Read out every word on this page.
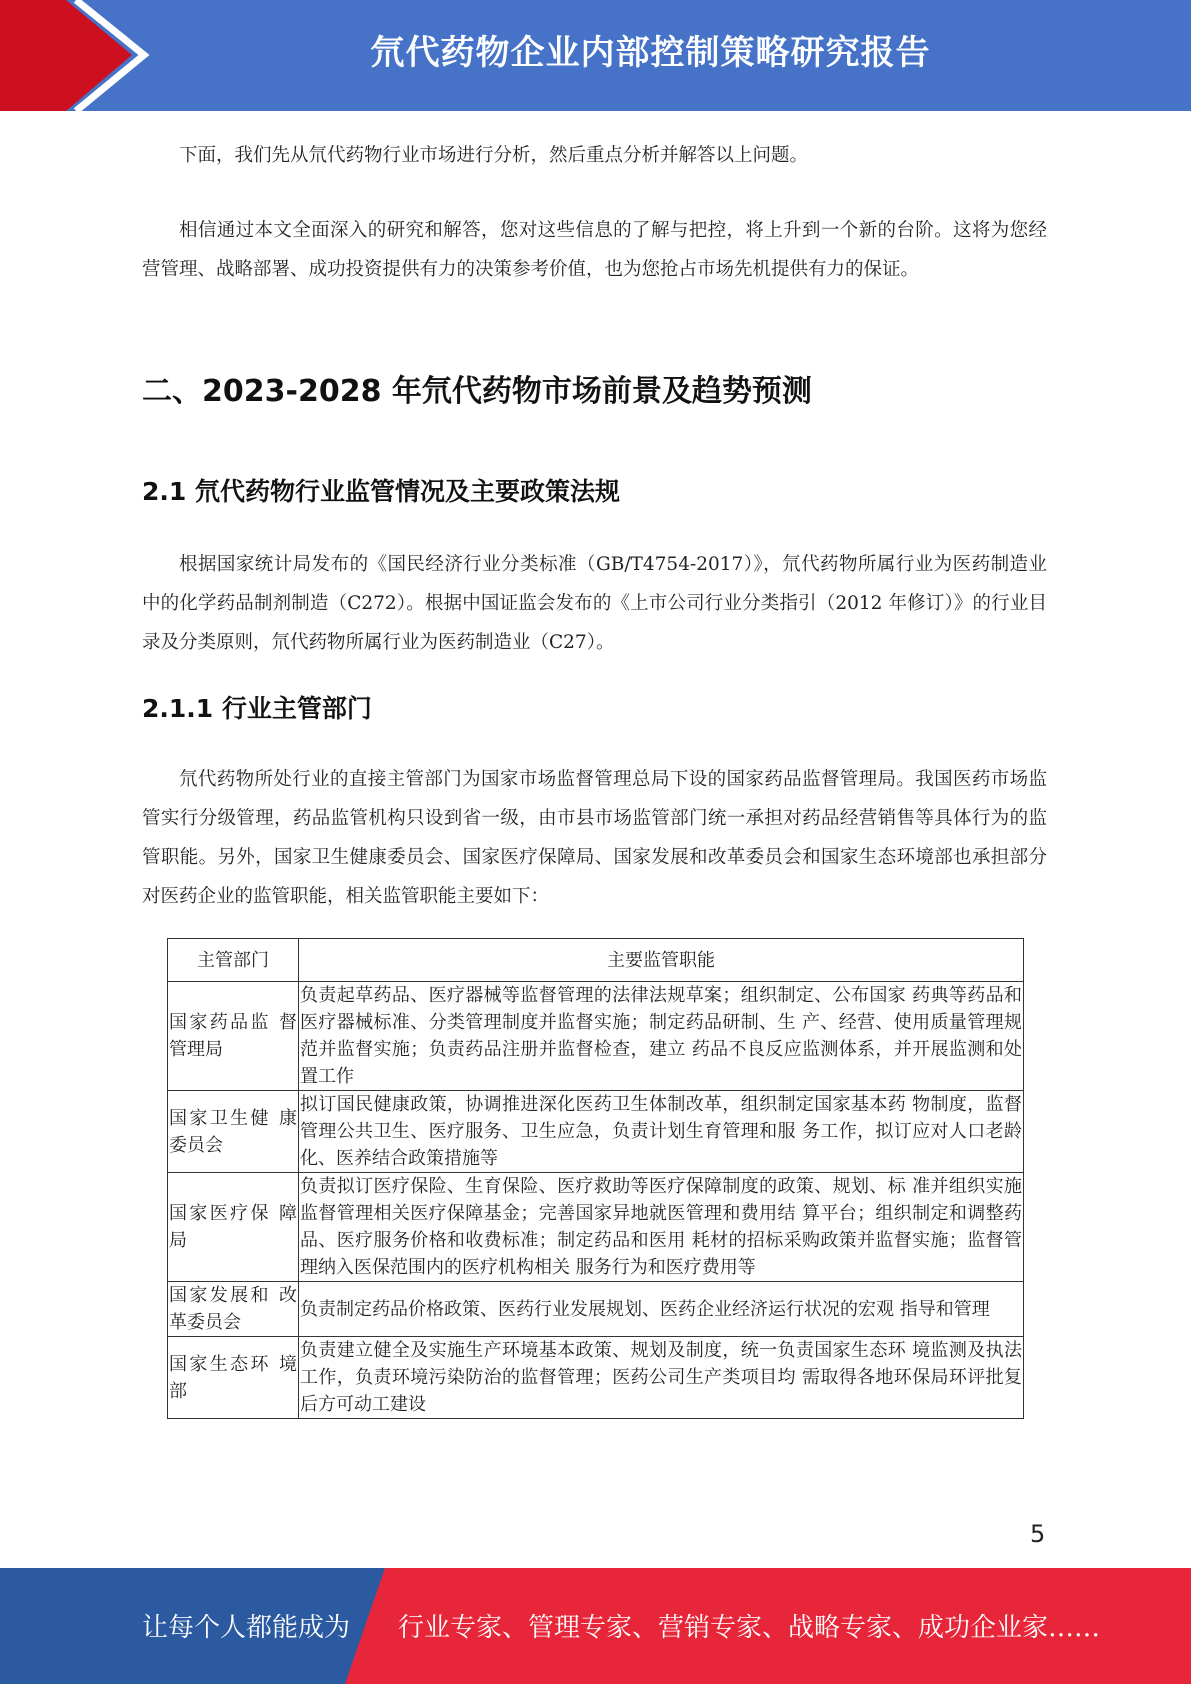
氘代药物企业内部控制策略研究报告

下面，我们先从氘代药物行业市场进行分析，然后重点分析并解答以上问题。

相信通过本文全面深入的研究和解答，您对这些信息的了解与把控，将上升到一个新的台阶。这将为您经营管理、战略部署、成功投资提供有力的决策参考价值，也为您抢占市场先机提供有力的保证。

二、2023-2028 年氘代药物市场前景及趋势预测
2.1 氘代药物行业监管情况及主要政策法规

根据国家统计局发布的《国民经济行业分类标准（GB/T4754-2017）》，氘代药物所属行业为医药制造业中的化学药品制剂制造（C272）。根据中国证监会发布的《上市公司行业分类指引（2012 年修订）》的行业目录及分类原则，氘代药物所属行业为医药制造业（C27）。

2.1.1 行业主管部门

氘代药物所处行业的直接主管部门为国家市场监督管理总局下设的国家药品监督管理局。我国医药市场监管实行分级管理，药品监管机构只设到省一级，由市县市场监管部门统一承担对药品经营销售等具体行为的监管职能。另外，国家卫生健康委员会、国家医疗保障局、国家发展和改革委员会和国家生态环境部也承担部分对医药企业的监管职能，相关监管职能主要如下：

主管部门	主要监管职能
国家药品监 督管理局	负责起草药品、医疗器械等监督管理的法律法规草案；组织制定、公布国家 药典等药品和医疗器械标准、分类管理制度并监督实施；制定药品研制、生 产、经营、使用质量管理规范并监督实施；负责药品注册并监督检查，建立 药品不良反应监测体系，并开展监测和处置工作
国家卫生健 康委员会	拟订国民健康政策，协调推进深化医药卫生体制改革，组织制定国家基本药 物制度，监督管理公共卫生、医疗服务、卫生应急，负责计划生育管理和服 务工作，拟订应对人口老龄化、医养结合政策措施等
国家医疗保 障局	负责拟订医疗保险、生育保险、医疗救助等医疗保障制度的政策、规划、标 准并组织实施监督管理相关医疗保障基金；完善国家异地就医管理和费用结 算平台；组织制定和调整药品、医疗服务价格和收费标准；制定药品和医用 耗材的招标采购政策并监督实施；监督管理纳入医保范围内的医疗机构相关 服务行为和医疗费用等
国家发展和 改革委员会	负责制定药品价格政策、医药行业发展规划、医药企业经济运行状况的宏观 指导和管理
国家生态环 境部	负责建立健全及实施生产环境基本政策、规划及制度，统一负责国家生态环 境监测及执法工作，负责环境污染防治的监督管理；医药公司生产类项目均 需取得各地环保局环评批复后方可动工建设
5
让每个人都能成为 行业专家、管理专家、营销专家、战略专家、成功企业家……
